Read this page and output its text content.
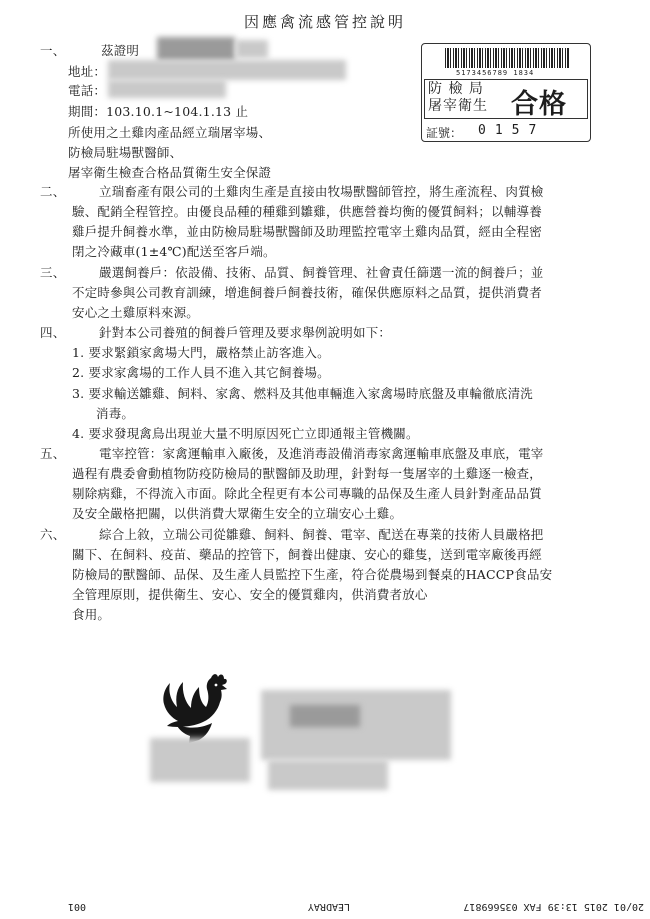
因應禽流感管控說明
一、	茲證明
地址：
電話：
期間：103.10.1~104.1.13 止
所使用之土雞肉產品經立瑞屠宰場、
防檢局駐場獸醫師、
屠宰衛生檢查合格品質衛生安全保證
5173456789 1834
防 檢 局
屠宰衛生 合格
証號： 0157
二、	立瑞畜產有限公司的土雞肉生產是直接由牧場獸醫師管控，將生產流程、肉質檢
驗、配銷全程管控。由優良品種的種雞到雛雞，供應營養均衡的優質飼料；以輔導養
雞戶提升飼養水準，並由防檢局駐場獸醫師及助理監控電宰土雞肉品質，經由全程密
閉之冷藏車(1±4℃)配送至客戶端。
三、	嚴選飼養戶：依設備、技術、品質、飼養管理、社會責任篩選一流的飼養戶；並
不定時參與公司教育訓練，增進飼養戶飼養技術，確保供應原料之品質，提供消費者
安心之土雞原料來源。
四、	針對本公司養殖的飼養戶管理及要求舉例說明如下：
1. 要求緊鎖家禽場大門，嚴格禁止訪客進入。
2. 要求家禽場的工作人員不進入其它飼養場。
3. 要求輸送雛雞、飼料、家禽、燃料及其他車輛進入家禽場時底盤及車輪徹底清洗
消毒。
4. 要求發現禽鳥出現並大量不明原因死亡立即通報主管機關。
五、	電宰控管：家禽運輸車入廠後，及進消毒設備消毒家禽運輸車底盤及車底，電宰
過程有農委會動植物防疫防檢局的獸醫師及助理，針對每一隻屠宰的土雞逐一檢查，
剔除病雞，不得流入市面。除此全程更有本公司專職的品保及生產人員針對產品品質
及安全嚴格把關，以供消費大眾衛生安全的立瑞安心土雞。
六、	綜合上敘，立瑞公司從雛雞、飼料、飼養、電宰、配送在專業的技術人員嚴格把
關下、在飼料、疫苗、藥品的控管下，飼養出健康、安心的雞隻，送到電宰廠後再經
防檢局的獸醫師、品保、及生產人員監控下生產，符合從農場到餐桌的HACCP食品安
全管理原則，提供衛生、安心、安全的優質雞肉，供消費者放心
食用。
20/01 2015 13:39 FAX 035669817
LEADRAY
001
